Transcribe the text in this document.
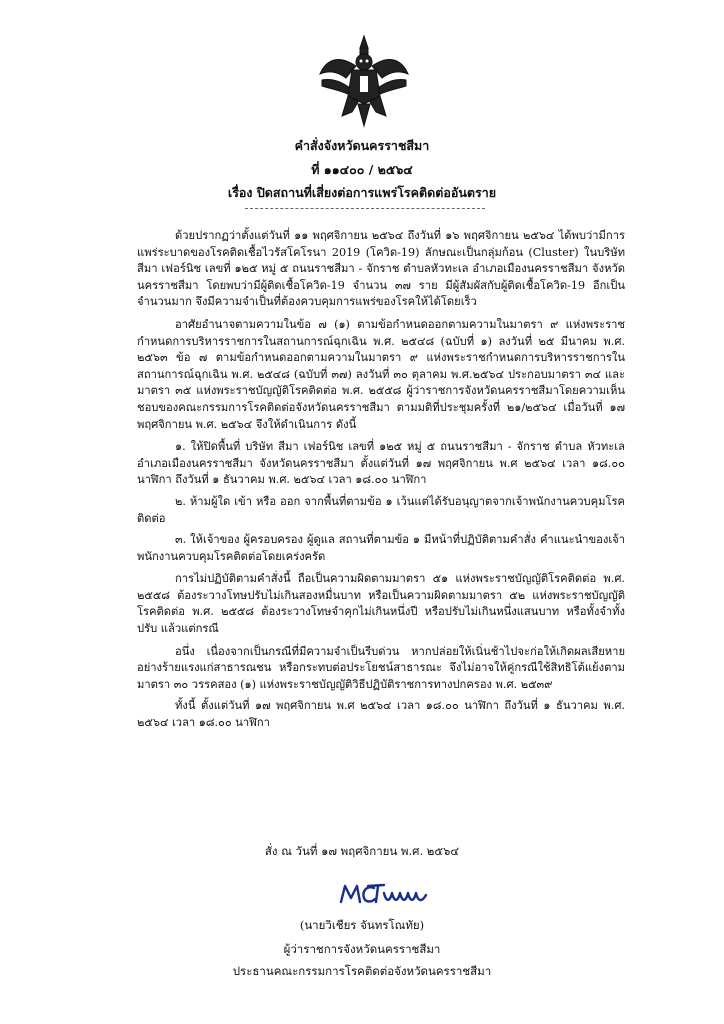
คำสั่งจังหวัดนครราชสีมา
ที่ ๑๑๔๐๐ / ๒๕๖๔
เรื่อง ปิดสถานที่เสี่ยงต่อการแพร่โรคติดต่ออันตราย

ด้วยปรากฏว่าตั้งแต่วันที่ ๑๑ พฤศจิกายน ๒๕๖๔ ถึงวันที่ ๑๖ พฤศจิกายน ๒๕๖๔ ได้พบว่ามีการแพร่ระบาดของโรคติดเชื้อไวรัสโคโรนา 2019 (โควิด-19) ลักษณะเป็นกลุ่มก้อน (Cluster) ในบริษัท สีมา เฟอร์นิช เลขที่ ๑๒๕ หมู่ ๕ ถนนราชสีมา - จักราช ตำบลหัวทะเล อำเภอเมืองนครราชสีมา จังหวัดนครราชสีมา โดยพบว่ามีผู้ติดเชื้อโควิด-19 จำนวน ๓๗ ราย มีผู้สัมผัสกับผู้ติดเชื้อโควิด-19 อีกเป็นจำนวนมาก จึงมีความจำเป็นที่ต้องควบคุมการแพร่ของโรคให้ได้โดยเร็ว

อาศัยอำนาจตามความในข้อ ๗ (๑) ตามข้อกำหนดออกตามความในมาตรา ๙ แห่งพระราชกำหนดการบริหารราชการในสถานการณ์ฉุกเฉิน พ.ศ. ๒๕๔๘ (ฉบับที่ ๑) ลงวันที่ ๒๕ มีนาคม พ.ศ. ๒๕๖๓ ข้อ ๗ ตามข้อกำหนดออกตามความในมาตรา ๙ แห่งพระราชกำหนดการบริหารราชการในสถานการณ์ฉุกเฉิน พ.ศ. ๒๕๔๘ (ฉบับที่ ๓๗) ลงวันที่ ๓๐ ตุลาคม พ.ศ.๒๕๖๔ ประกอบมาตรา ๓๔ และมาตรา ๓๕ แห่งพระราชบัญญัติโรคติดต่อ พ.ศ. ๒๕๕๘ ผู้ว่าราชการจังหวัดนครราชสีมาโดยความเห็นชอบของคณะกรรมการโรคติดต่อจังหวัดนครราชสีมา ตามมติที่ประชุมครั้งที่ ๒๑/๒๕๖๔ เมื่อวันที่ ๑๗ พฤศจิกายน พ.ศ. ๒๕๖๔ จึงให้ดำเนินการ ดังนี้

๑. ให้ปิดพื้นที่ บริษัท สีมา เฟอร์นิช เลขที่ ๑๒๕ หมู่ ๕ ถนนราชสีมา - จักราช ตำบล หัวทะเล อำเภอเมืองนครราชสีมา จังหวัดนครราชสีมา ตั้งแต่วันที่ ๑๗ พฤศจิกายน พ.ศ ๒๕๖๔ เวลา ๑๘.๐๐ นาฬิกา ถึงวันที่ ๑ ธันวาคม พ.ศ. ๒๕๖๔ เวลา ๑๘.๐๐ นาฬิกา

๒. ห้ามผู้ใด เข้า หรือ ออก จากพื้นที่ตามข้อ ๑ เว้นแต่ได้รับอนุญาตจากเจ้าพนักงานควบคุมโรคติดต่อ

๓. ให้เจ้าของ ผู้ครอบครอง ผู้ดูแล สถานที่ตามข้อ ๑ มีหน้าที่ปฏิบัติตามคำสั่ง คำแนะนำของเจ้าพนักงานควบคุมโรคติดต่อโดยเคร่งครัด

การไม่ปฏิบัติตามคำสั่งนี้ ถือเป็นความผิดตามมาตรา ๕๑ แห่งพระราชบัญญัติโรคติดต่อ พ.ศ. ๒๕๕๘ ต้องระวางโทษปรับไม่เกินสองหมื่นบาท หรือเป็นความผิดตามมาตรา ๕๒ แห่งพระราชบัญญัติโรคติดต่อ พ.ศ. ๒๕๕๘ ต้องระวางโทษจำคุกไม่เกินหนึ่งปี หรือปรับไม่เกินหนึ่งแสนบาท หรือทั้งจำทั้งปรับ แล้วแต่กรณี

อนึ่ง เนื่องจากเป็นกรณีที่มีความจำเป็นรีบด่วน หากปล่อยให้เนิ่นช้าไปจะก่อให้เกิดผลเสียหายอย่างร้ายแรงแก่สาธารณชน หรือกระทบต่อประโยชน์สาธารณะ จึงไม่อาจให้คู่กรณีใช้สิทธิโต้แย้งตามมาตรา ๓๐ วรรคสอง (๑) แห่งพระราชบัญญัติวิธีปฏิบัติราชการทางปกครอง พ.ศ. ๒๕๓๙

ทั้งนี้ ตั้งแต่วันที่ ๑๗ พฤศจิกายน พ.ศ ๒๕๖๔ เวลา ๑๘.๐๐ นาฬิกา ถึงวันที่ ๑ ธันวาคม พ.ศ. ๒๕๖๔ เวลา ๑๘.๐๐ นาฬิกา

สั่ง ณ วันที่ ๑๗ พฤศจิกายน พ.ศ. ๒๕๖๔
(นายวิเชียร จันทรโณทัย)
ผู้ว่าราชการจังหวัดนครราชสีมา
ประธานคณะกรรมการโรคติดต่อจังหวัดนครราชสีมา
